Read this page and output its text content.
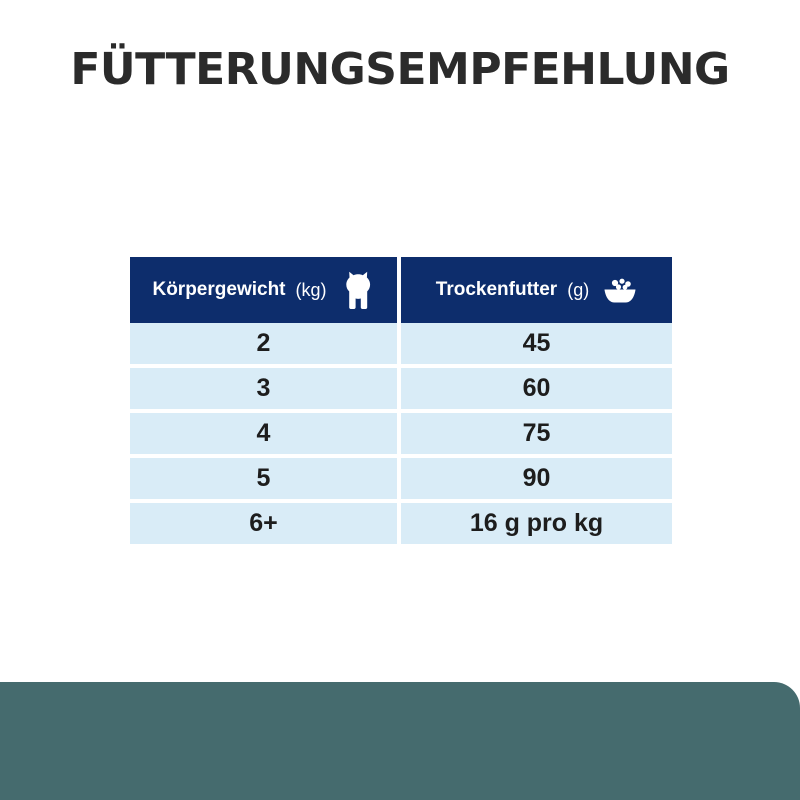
FÜTTERUNGSEMPFEHLUNG
Körpergewicht (kg)	Trockenfutter (g)

2	45
3	60
4	75
5	90
6+	16 g pro kg
